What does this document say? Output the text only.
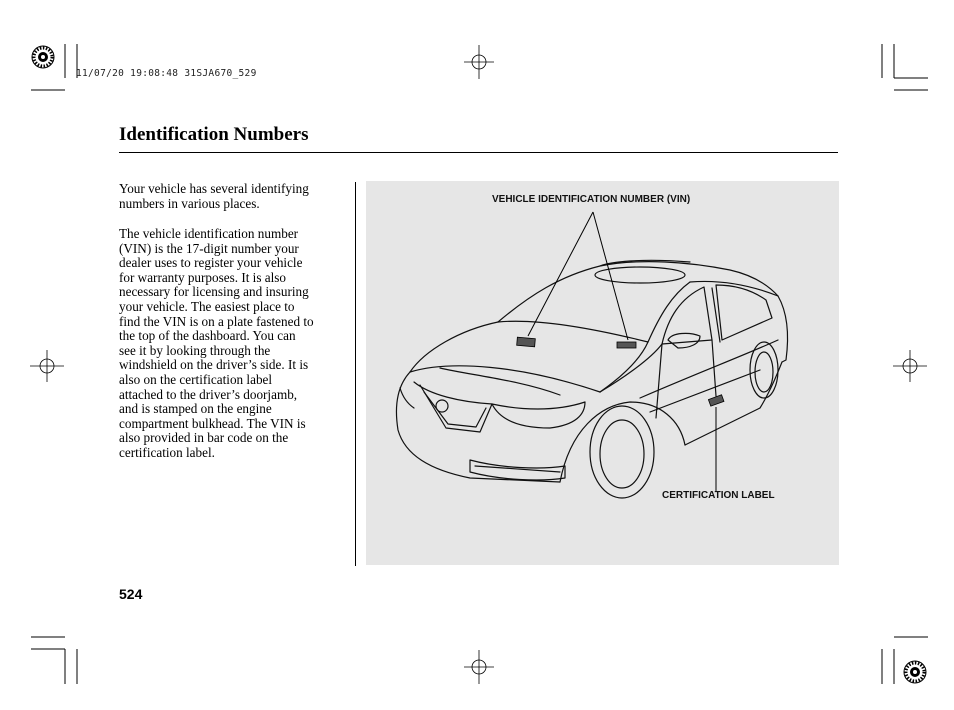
11/07/20 19:08:48 31SJA670_529
Identification Numbers

Your vehicle has several identifying
numbers in various places.

The vehicle identification number
(VIN) is the 17-digit number your
dealer uses to register your vehicle
for warranty purposes. It is also
necessary for licensing and insuring
your vehicle. The easiest place to
find the VIN is on a plate fastened to
the top of the dashboard. You can
see it by looking through the
windshield on the driver’s side. It is
also on the certification label
attached to the driver’s doorjamb,
and is stamped on the engine
compartment bulkhead. The VIN is
also provided in bar code on the
certification label.

VEHICLE IDENTIFICATION NUMBER (VIN)
CERTIFICATION LABEL
524
